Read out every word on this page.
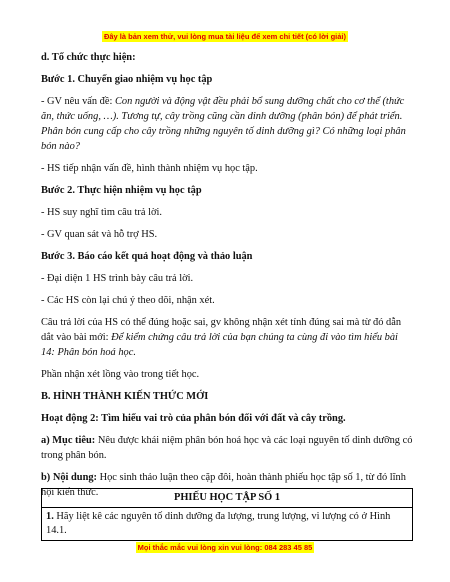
Đây là bản xem thử, vui lòng mua tài liệu để xem chi tiết (có lời giải)

d. Tổ chức thực hiện:

Bước 1. Chuyển giao nhiệm vụ học tập

- GV nêu vấn đề: Con người và động vật đều phải bổ sung dưỡng chất cho cơ thể (thức ăn, thức uống, …). Tương tự, cây trồng cũng cần dinh dưỡng (phân bón) để phát triển. Phân bón cung cấp cho cây trồng những nguyên tố dinh dưỡng gì? Có những loại phân bón nào?

- HS tiếp nhận vấn đề, hình thành nhiệm vụ học tập.

Bước 2. Thực hiện nhiệm vụ học tập

- HS suy nghĩ tìm câu trả lời.

- GV quan sát và hỗ trợ HS.

Bước 3. Báo cáo kết quả hoạt động và thảo luận

- Đại diện 1 HS trình bày câu trả lời.

- Các HS còn lại chú ý theo dõi, nhận xét.

Câu trả lời của HS có thể đúng hoặc sai, gv không nhận xét tính đúng sai mà từ đó dẫn dắt vào bài mới: Để kiểm chứng câu trả lời của bạn chúng ta cùng đi vào tìm hiểu bài 14: Phân bón hoá học.

Phần nhận xét lồng vào trong tiết học.

B. HÌNH THÀNH KIẾN THỨC MỚI

Hoạt động 2: Tìm hiểu vai trò của phân bón đối với đất và cây trồng.

a) Mục tiêu: Nêu được khái niệm phân bón hoá học và các loại nguyên tố dinh dưỡng có trong phân bón.

b) Nội dung: Học sinh thảo luận theo cặp đôi, hoàn thành phiếu học tập số 1, từ đó lĩnh hội kiến thức.	PHIẾU HỌC TẬP SỐ 1
1. Hãy liệt kê các nguyên tố dinh dưỡng đa lượng, trung lượng, vi lượng có ở Hình 14.1.
Mọi thắc mắc vui lòng xin vui lòng: 084 283 45 85
